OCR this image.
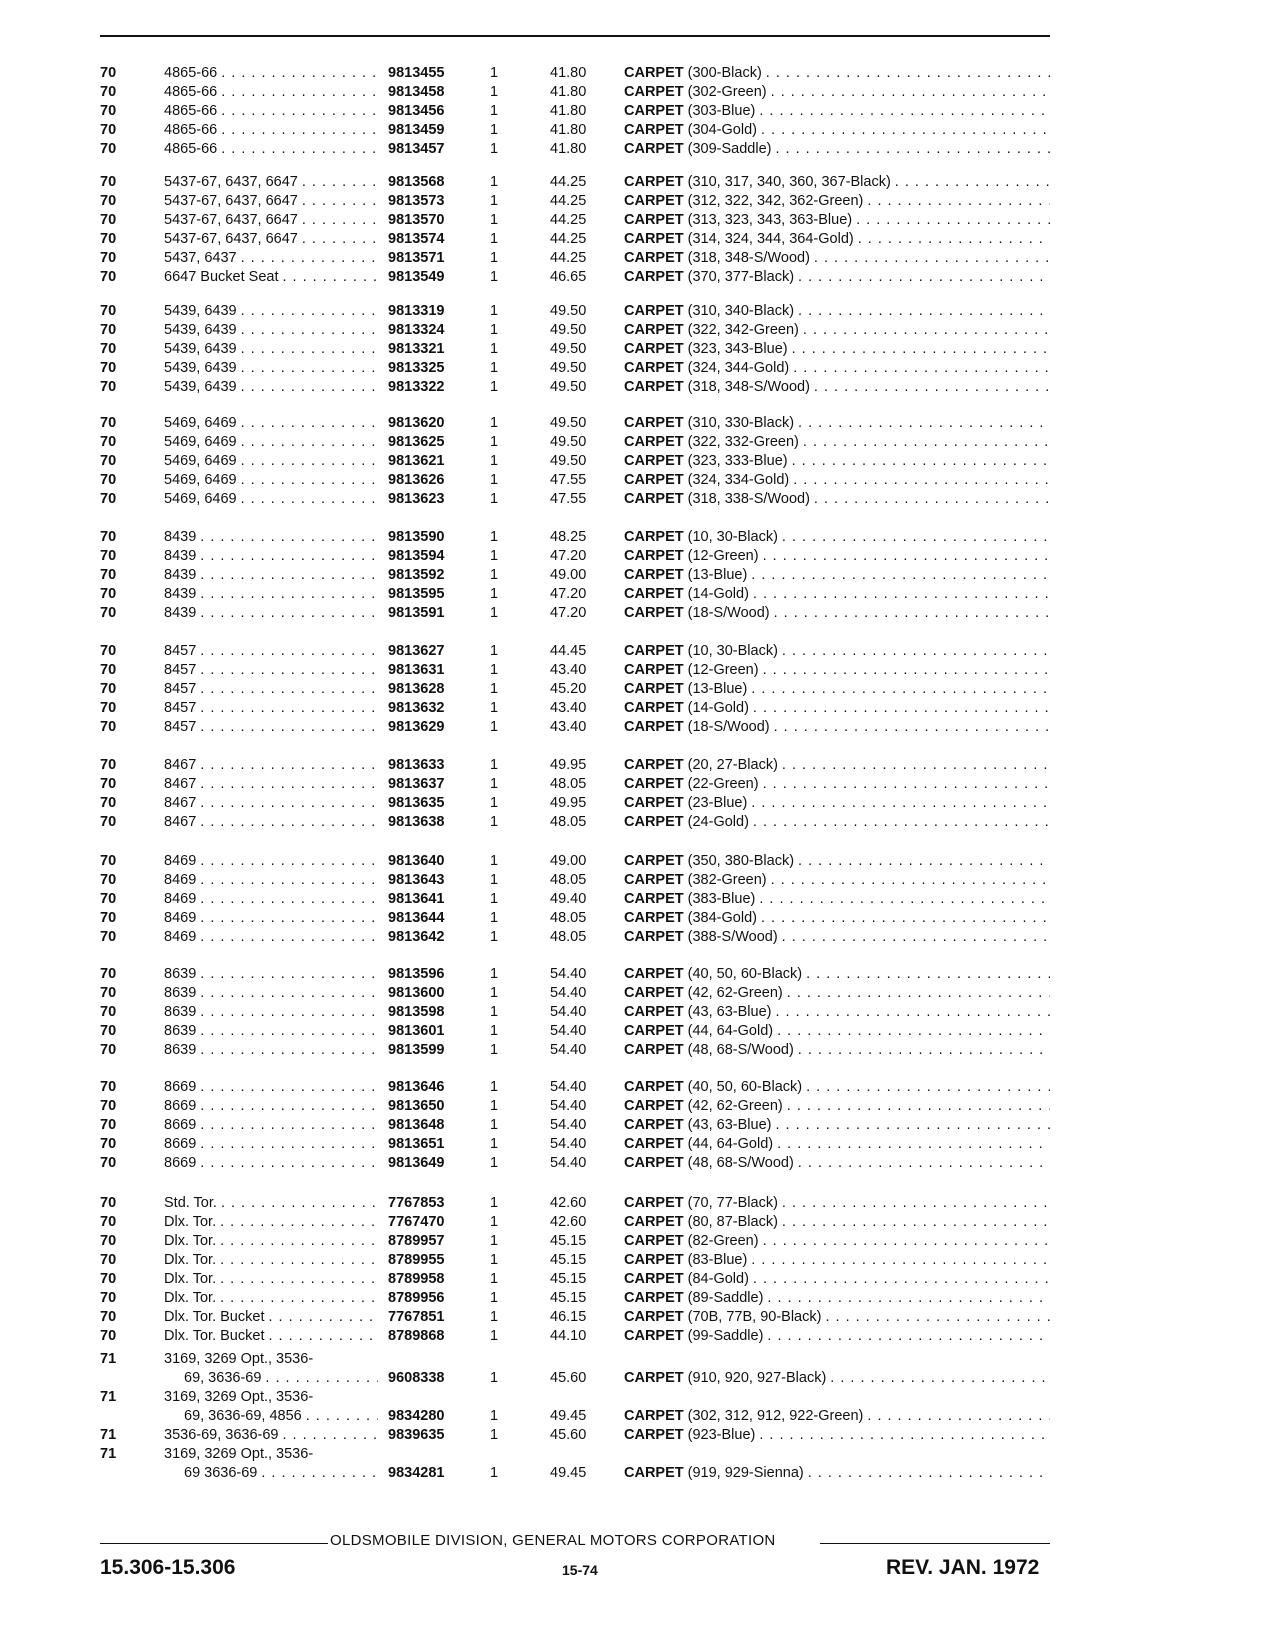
70	4865-66 . . .	9813455	1	41.80	CARPET (300-Black)
. . .
70	4865-66 . . .	9813458	1	41.80	CARPET (302-Green)
. . .
70	4865-66 . . .	9813456	1	41.80	CARPET (303-Blue)
. . .
70	4865-66 . . .	9813459	1	41.80	CARPET (304-Gold)
. . .
70	4865-66 . . .	9813457	1	41.80	CARPET (309-Saddle)
. . .
70	5437-67, 6437, 6647 . . .	9813568	1	44.25	CARPET (310, 317, 340, 360, 367-Black)
. . .
70	5437-67, 6437, 6647 . . .	9813573	1	44.25	CARPET (312, 322, 342, 362-Green)
. . .
70	5437-67, 6437, 6647 . . .	9813570	1	44.25	CARPET (313, 323, 343, 363-Blue)
. . .
70	5437-67, 6437, 6647 . . .	9813574	1	44.25	CARPET (314, 324, 344, 364-Gold)
. . .
70	5437, 6437 . . .	9813571	1	44.25	CARPET (318, 348-S/Wood)
. . .
70	6647 Bucket Seat . . .	9813549	1	46.65	CARPET (370, 377-Black)
. . .
70	5439, 6439 . . .	9813319	1	49.50	CARPET (310, 340-Black)
. . .
70	5439, 6439 . . .	9813324	1	49.50	CARPET (322, 342-Green)
. . .
70	5439, 6439 . . .	9813321	1	49.50	CARPET (323, 343-Blue)
. . .
70	5439, 6439 . . .	9813325	1	49.50	CARPET (324, 344-Gold)
. . .
70	5439, 6439 . . .	9813322	1	49.50	CARPET (318, 348-S/Wood)
. . .
70	5469, 6469 . . .	9813620	1	49.50	CARPET (310, 330-Black)
. . .
70	5469, 6469 . . .	9813625	1	49.50	CARPET (322, 332-Green)
. . .
70	5469, 6469 . . .	9813621	1	49.50	CARPET (323, 333-Blue)
. . .
70	5469, 6469 . . .	9813626	1	47.55	CARPET (324, 334-Gold)
. . .
70	5469, 6469 . . .	9813623	1	47.55	CARPET (318, 338-S/Wood)
. . .
70	8439 . . .	9813590	1	48.25	CARPET (10, 30-Black)
. . .
70	8439 . . .	9813594	1	47.20	CARPET (12-Green)
. . .
70	8439 . . .	9813592	1	49.00	CARPET (13-Blue)
. . .
70	8439 . . .	9813595	1	47.20	CARPET (14-Gold)
. . .
70	8439 . . .	9813591	1	47.20	CARPET (18-S/Wood)
. . .
70	8457 . . .	9813627	1	44.45	CARPET (10, 30-Black)
. . .
70	8457 . . .	9813631	1	43.40	CARPET (12-Green)
. . .
70	8457 . . .	9813628	1	45.20	CARPET (13-Blue)
. . .
70	8457 . . .	9813632	1	43.40	CARPET (14-Gold)
. . .
70	8457 . . .	9813629	1	43.40	CARPET (18-S/Wood)
. . .
70	8467 . . .	9813633	1	49.95	CARPET (20, 27-Black)
. . .
70	8467 . . .	9813637	1	48.05	CARPET (22-Green)
. . .
70	8467 . . .	9813635	1	49.95	CARPET (23-Blue)
. . .
70	8467 . . .	9813638	1	48.05	CARPET (24-Gold)
. . .
70	8469 . . .	9813640	1	49.00	CARPET (350, 380-Black)
. . .
70	8469 . . .	9813643	1	48.05	CARPET (382-Green)
. . .
70	8469 . . .	9813641	1	49.40	CARPET (383-Blue)
. . .
70	8469 . . .	9813644	1	48.05	CARPET (384-Gold)
. . .
70	8469 . . .	9813642	1	48.05	CARPET (388-S/Wood)
. . .
70	8639 . . .	9813596	1	54.40	CARPET (40, 50, 60-Black)
. . .
70	8639 . . .	9813600	1	54.40	CARPET (42, 62-Green)
. . .
70	8639 . . .	9813598	1	54.40	CARPET (43, 63-Blue)
. . .
70	8639 . . .	9813601	1	54.40	CARPET (44, 64-Gold)
. . .
70	8639 . . .	9813599	1	54.40	CARPET (48, 68-S/Wood)
. . .
70	8669 . . .	9813646	1	54.40	CARPET (40, 50, 60-Black)
. . .
70	8669 . . .	9813650	1	54.40	CARPET (42, 62-Green)
. . .
70	8669 . . .	9813648	1	54.40	CARPET (43, 63-Blue)
. . .
70	8669 . . .	9813651	1	54.40	CARPET (44, 64-Gold)
. . .
70	8669 . . .	9813649	1	54.40	CARPET (48, 68-S/Wood)
. . .
70	Std. Tor. . . .	7767853	1	42.60	CARPET (70, 77-Black)
. . .
70	Dlx. Tor. . . .	7767470	1	42.60	CARPET (80, 87-Black)
. . .
70	Dlx. Tor. . . .	8789957	1	45.15	CARPET (82-Green)
. . .
70	Dlx. Tor. . . .	8789955	1	45.15	CARPET (83-Blue)
. . .
70	Dlx. Tor. . . .	8789958	1	45.15	CARPET (84-Gold)
. . .
70	Dlx. Tor. . . .	8789956	1	45.15	CARPET (89-Saddle)
. . .
70	Dlx. Tor. Bucket . . .	7767851	1	46.15	CARPET (70B, 77B, 90-Black)
. . .
70	Dlx. Tor. Bucket . . .	8789868	1	44.10	CARPET (99-Saddle)
. . .
71	3169, 3269 Opt., 3536-
69, 3636-69 . . .	9608338	1	45.60	CARPET (910, 920, 927-Black)
. . .
71	3169, 3269 Opt., 3536-
69, 3636-69, 4856 . . .	9834280	1	49.45	CARPET (302, 312, 912, 922-Green)
. . .
71	3536-69, 3636-69 . . .	9839635	1	45.60	CARPET (923-Blue)
. . .
71	3169, 3269 Opt., 3536-
69 3636-69 . . .	9834281	1	49.45	CARPET (919, 929-Sienna)
. . .
OLDSMOBILE DIVISION, GENERAL MOTORS CORPORATION
15.306-15.306	15-74	REV. JAN. 1972
